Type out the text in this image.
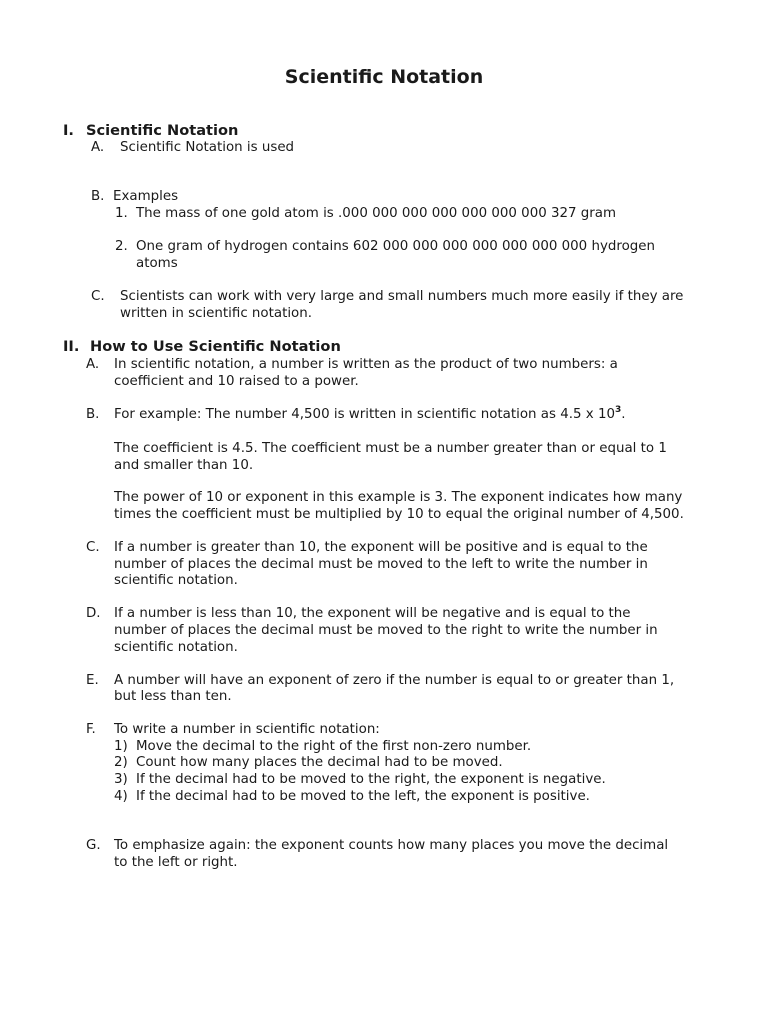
Scientific Notation
I. Scientific Notation
A. Scientific Notation is used
B. Examples
1. The mass of one gold atom is .000 000 000 000 000 000 000 327 gram
2. One gram of hydrogen contains 602 000 000 000 000 000 000 000 hydrogen
atoms
C. Scientists can work with very large and small numbers much more easily if they are
written in scientific notation.
II. How to Use Scientific Notation
A. In scientific notation, a number is written as the product of two numbers: a
coefficient and 10 raised to a power.
B. For example: The number 4,500 is written in scientific notation as 4.5 x $10^3$.
The coefficient is 4.5. The coefficient must be a number greater than or equal to 1
and smaller than 10.
The power of 10 or exponent in this example is 3. The exponent indicates how many
times the coefficient must be multiplied by 10 to equal the original number of 4,500.
C. If a number is greater than 10, the exponent will be positive and is equal to the
number of places the decimal must be moved to the left to write the number in
scientific notation.
D. If a number is less than 10, the exponent will be negative and is equal to the
number of places the decimal must be moved to the right to write the number in
scientific notation.
E. A number will have an exponent of zero if the number is equal to or greater than 1,
but less than ten.
F. To write a number in scientific notation:
1) Move the decimal to the right of the first non-zero number.
2) Count how many places the decimal had to be moved.
3) If the decimal had to be moved to the right, the exponent is negative.
4) If the decimal had to be moved to the left, the exponent is positive.
G. To emphasize again: the exponent counts how many places you move the decimal
to the left or right.
